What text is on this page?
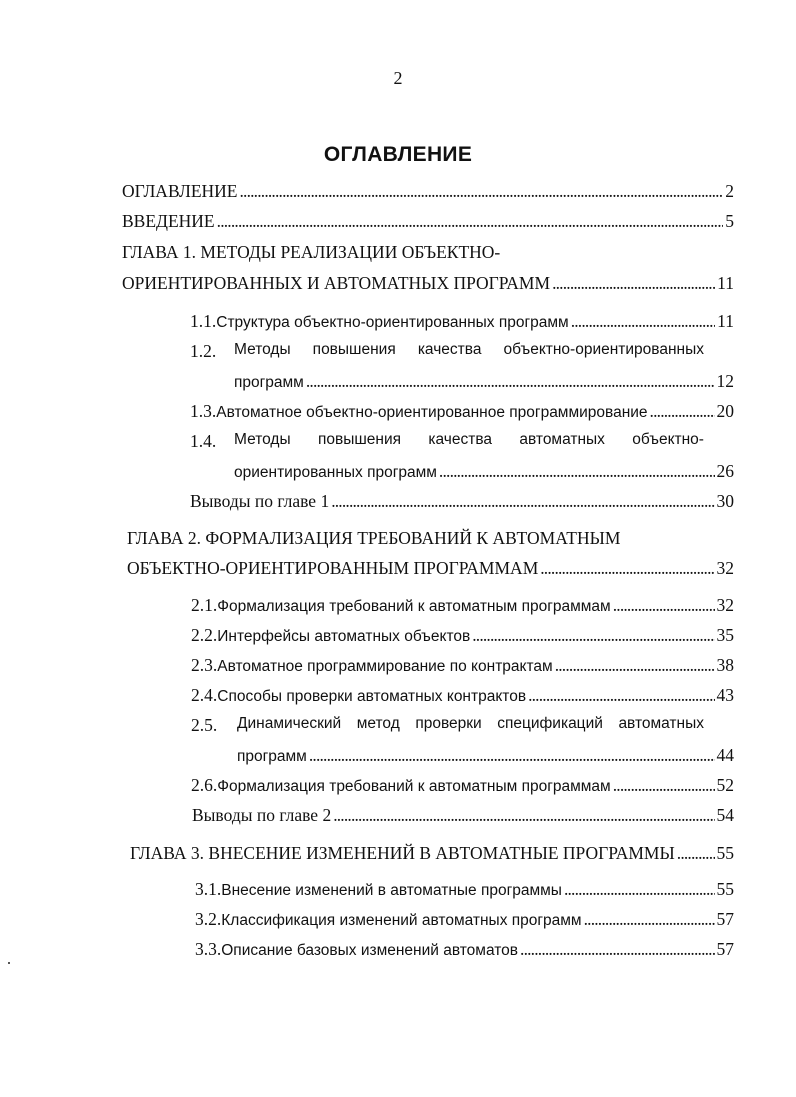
2
ОГЛАВЛЕНИЕ
ОГЛАВЛЕНИЕ . . .	2
ВВЕДЕНИЕ . . .	5
ГЛАВА 1. МЕТОДЫ РЕАЛИЗАЦИИ ОБЪЕКТНО-
ОРИЕНТИРОВАННЫХ И АВТОМАТНЫХ ПРОГРАММ . . .	11
1.1. Структура объектно-ориентированных программ . . .	11
1.2.	Методы повышения качества объектно-ориентированных
программ . . .	12
1.3. Автоматное объектно-ориентированное программирование . . .	20
1.4.	Методы повышения качества автоматных объектно-
ориентированных программ . . .	26
Выводы по главе 1 . . .	30
ГЛАВА 2. ФОРМАЛИЗАЦИЯ ТРЕБОВАНИЙ К АВТОМАТНЫМ
ОБЪЕКТНО-ОРИЕНТИРОВАННЫМ ПРОГРАММАМ . . .	32
2.1. Формализация требований к автоматным программам . . .	32
2.2. Интерфейсы автоматных объектов . . .	35
2.3. Автоматное программирование по контрактам . . .	38
2.4. Способы проверки автоматных контрактов . . .	43
2.5.	Динамический метод проверки спецификаций автоматных
программ . . .	44
2.6. Формализация требований к автоматным программам . . .	52
Выводы по главе 2 . . .	54
ГЛАВА 3. ВНЕСЕНИЕ ИЗМЕНЕНИЙ В АВТОМАТНЫЕ ПРОГРАММЫ . . . 55
3.1. Внесение изменений в автоматные программы . . .	55
3.2. Классификация изменений автоматных программ . . .	57
3.3. Описание базовых изменений автоматов . . .	57
